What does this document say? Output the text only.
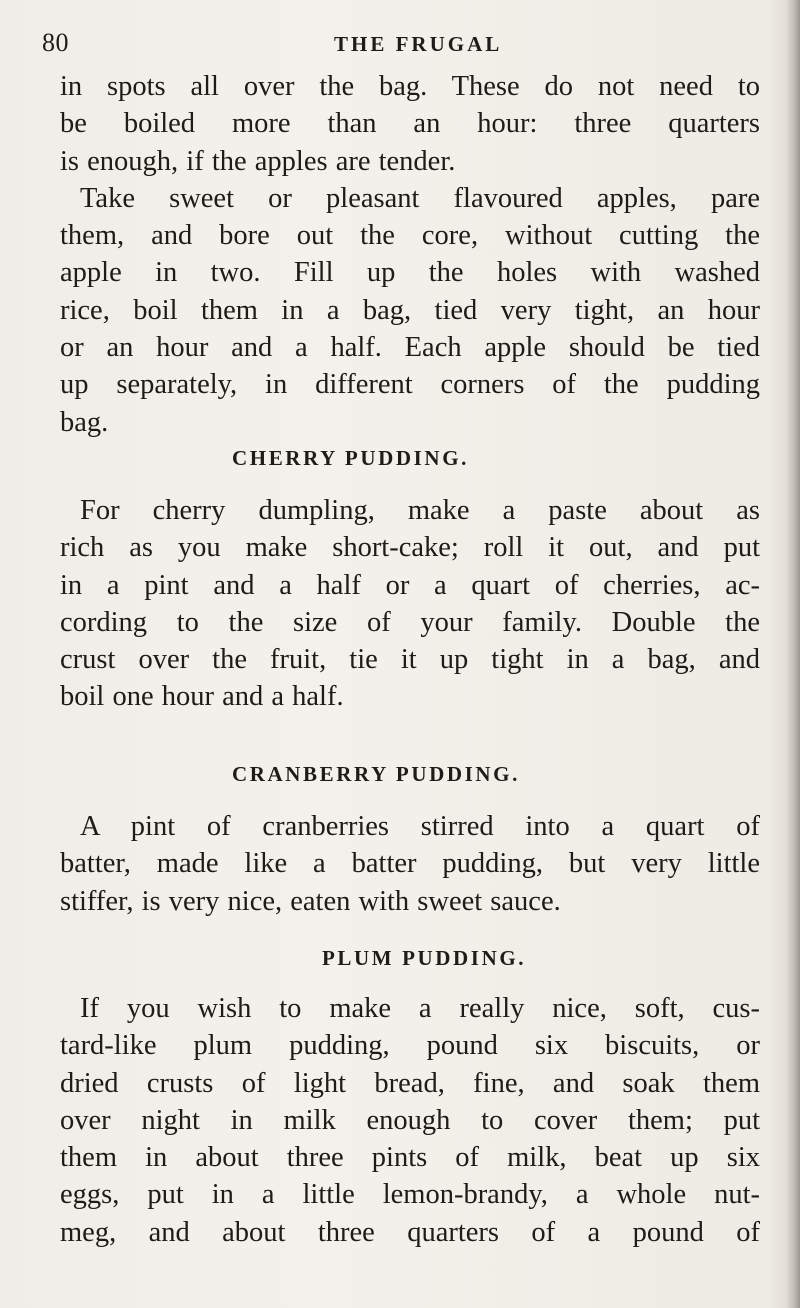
80	THE FRUGAL
in spots all over the bag. These do not need to
be boiled more than an hour: three quarters
is enough, if the apples are tender.
Take sweet or pleasant flavoured apples, pare
them, and bore out the core, without cutting the
apple in two. Fill up the holes with washed
rice, boil them in a bag, tied very tight, an hour
or an hour and a half. Each apple should be tied
up separately, in different corners of the pudding
bag.
CHERRY PUDDING.
For cherry dumpling, make a paste about as
rich as you make short-cake; roll it out, and put
in a pint and a half or a quart of cherries, ac-
cording to the size of your family. Double the
crust over the fruit, tie it up tight in a bag, and
boil one hour and a half.
CRANBERRY PUDDING.
A pint of cranberries stirred into a quart of
batter, made like a batter pudding, but very little
stiffer, is very nice, eaten with sweet sauce.
PLUM PUDDING.
If you wish to make a really nice, soft, cus-
tard-like plum pudding, pound six biscuits, or
dried crusts of light bread, fine, and soak them
over night in milk enough to cover them; put
them in about three pints of milk, beat up six
eggs, put in a little lemon-brandy, a whole nut-
meg, and about three quarters of a pound of
